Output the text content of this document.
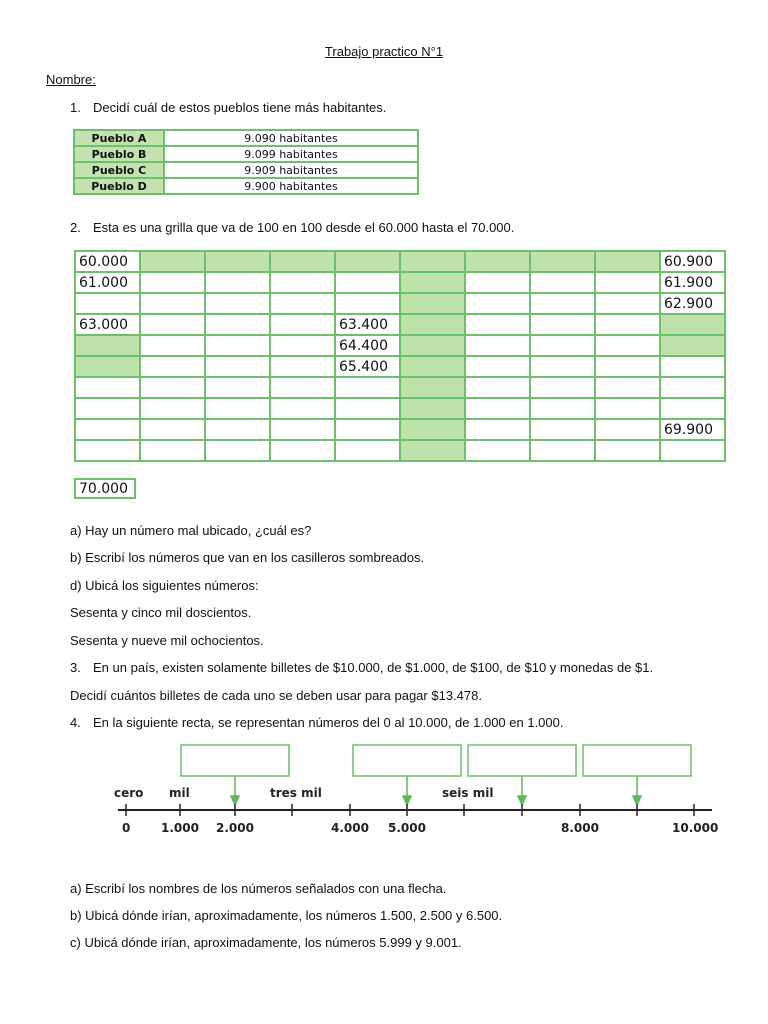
Trabajo practico N°1
Nombre:
1. Decidí cuál de estos pueblos tiene más habitantes.
Pueblo A	9.090 habitantes
Pueblo B	9.099 habitantes
Pueblo C	9.909 habitantes
Pueblo D	9.900 habitantes
2. Esta es una grilla que va de 100 en 100 desde el 60.000 hasta el 70.000.
60.000									60.900
61.000									61.900
									62.900
63.000				63.400					
				64.400					
				65.400					

									69.900

70.000
a) Hay un número mal ubicado, ¿cuál es?
b) Escribí los números que van en los casilleros sombreados.
d) Ubicá los siguientes números:
Sesenta y cinco mil doscientos.
Sesenta y nueve mil ochocientos.
3. En un país, existen solamente billetes de $10.000, de $1.000, de $100, de $10 y monedas de $1.
Decidí cuántos billetes de cada uno se deben usar para pagar $13.478.
4. En la siguiente recta, se representan números del 0 al 10.000, de 1.000 en 1.000.
cero mil	tres mil	seis mil
0	1.000 2.000	4.000 5.000	8.000	10.000
a) Escribí los nombres de los números señalados con una flecha.
b) Ubicá dónde irían, aproximadamente, los números 1.500, 2.500 y 6.500.
c) Ubicá dónde irían, aproximadamente, los números 5.999 y 9.001.
